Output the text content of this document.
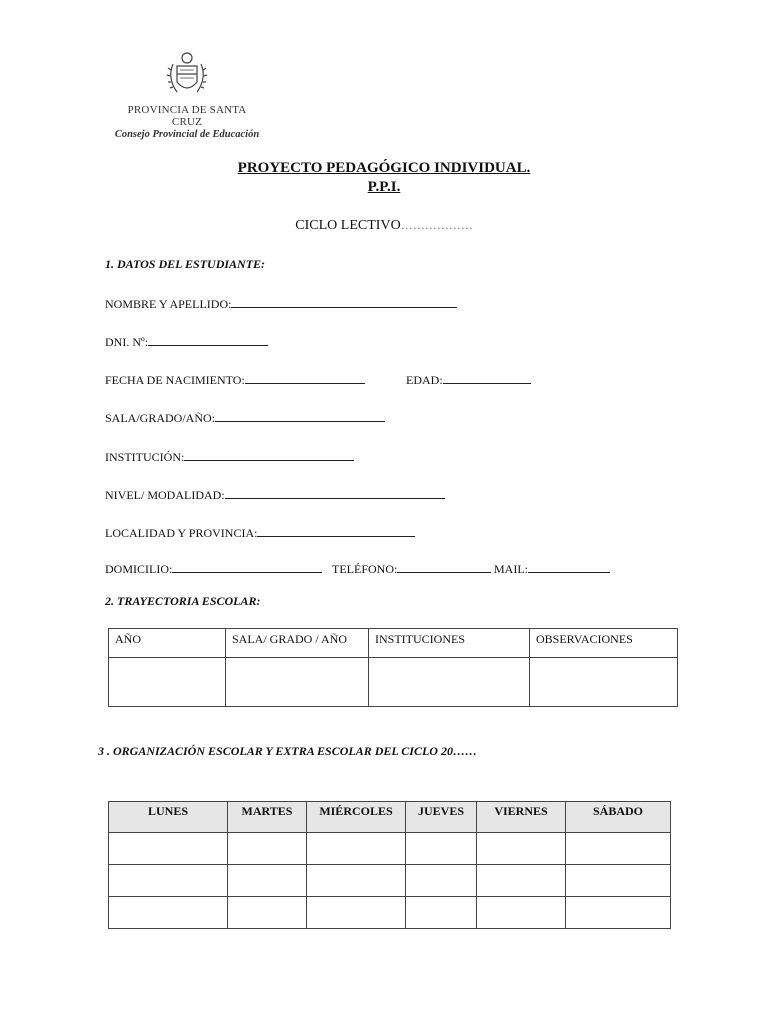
PROVINCIA DE SANTA CRUZ
Consejo Provincial de Educación
PROYECTO PEDAGÓGICO INDIVIDUAL.
P.P.I.
CICLO LECTIVO………………
1. DATOS DEL ESTUDIANTE:
NOMBRE Y APELLIDO:
DNI. Nº:
FECHA DE NACIMIENTO:	EDAD:
SALA/GRADO/AÑO:
INSTITUCIÓN:
NIVEL/ MODALIDAD:
LOCALIDAD Y PROVINCIA:
DOMICILIO:	TELÉFONO:	MAIL:
2. TRAYECTORIA ESCOLAR:
AÑO	SALA/ GRADO / AÑO	INSTITUCIONES	OBSERVACIONES

3 . ORGANIZACIÓN ESCOLAR Y EXTRA ESCOLAR DEL CICLO 20……
LUNES	MARTES	MIÉRCOLES	JUEVES	VIERNES	SÁBADO
